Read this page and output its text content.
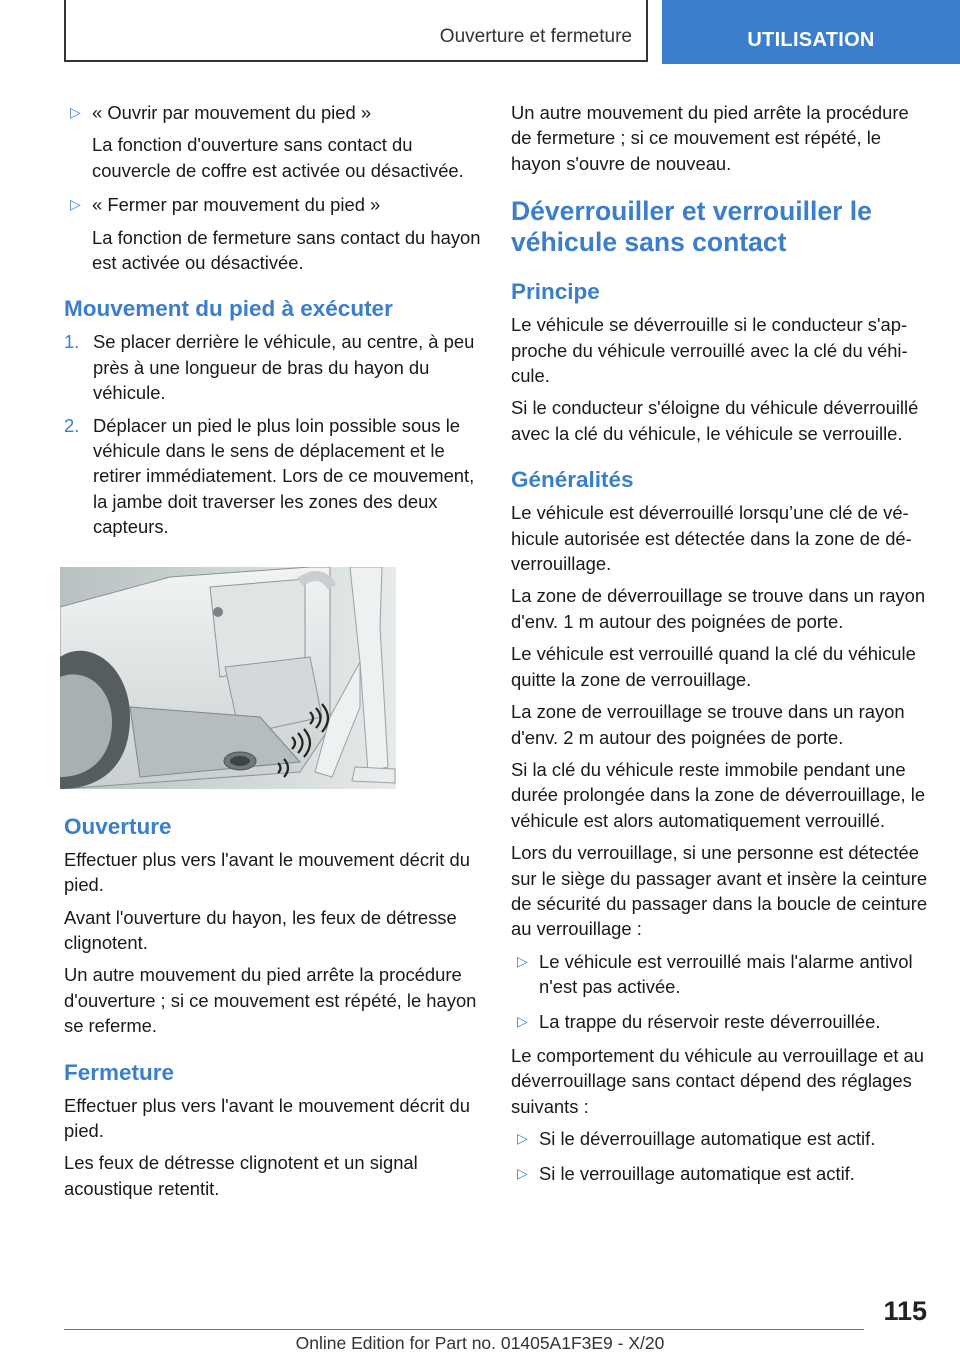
Ouverture et fermeture	UTILISATION
▷ « Ouvrir par mouvement du pied »
La fonction d'ouverture sans contact du couvercle de coffre est activée ou désactivée.
▷ « Fermer par mouvement du pied »
La fonction de fermeture sans contact du hayon est activée ou désactivée.
Mouvement du pied à exécuter
1. Se placer derrière le véhicule, au centre, à peu près à une longueur de bras du hayon du véhicule.
2. Déplacer un pied le plus loin possible sous le véhicule dans le sens de déplacement et le retirer immédiatement. Lors de ce mouvement, la jambe doit traverser les zones des deux capteurs.
Ouverture

Effectuer plus vers l'avant le mouvement décrit du pied.

Avant l'ouverture du hayon, les feux de détresse clignotent.

Un autre mouvement du pied arrête la procédure d'ouverture ; si ce mouvement est répété, le hayon se referme.

Fermeture

Effectuer plus vers l'avant le mouvement décrit du pied.

Les feux de détresse clignotent et un signal acoustique retentit.

Un autre mouvement du pied arrête la procédure de fermeture ; si ce mouvement est répété, le hayon s'ouvre de nouveau.

Déverrouiller et verrouiller le véhicule sans contact
Principe

Le véhicule se déverrouille si le conducteur s'approche du véhicule verrouillé avec la clé du véhicule.

Si le conducteur s'éloigne du véhicule déverrouillé avec la clé du véhicule, le véhicule se verrouille.

Généralités

Le véhicule est déverrouillé lorsqu’une clé de véhicule autorisée est détectée dans la zone de déverrouillage.

La zone de déverrouillage se trouve dans un rayon d'env. 1 m autour des poignées de porte.

Le véhicule est verrouillé quand la clé du véhicule quitte la zone de verrouillage.

La zone de verrouillage se trouve dans un rayon d'env. 2 m autour des poignées de porte.

Si la clé du véhicule reste immobile pendant une durée prolongée dans la zone de déverrouillage, le véhicule est alors automatiquement verrouillé.

Lors du verrouillage, si une personne est détectée sur le siège du passager avant et insère la ceinture de sécurité du passager dans la boucle de ceinture au verrouillage :

▷ Le véhicule est verrouillé mais l'alarme antivol n'est pas activée.
▷ La trappe du réservoir reste déverrouillée.

Le comportement du véhicule au verrouillage et au déverrouillage sans contact dépend des réglages suivants :

▷ Si le déverrouillage automatique est actif.
▷ Si le verrouillage automatique est actif.
115
Online Edition for Part no. 01405A1F3E9 - X/20
